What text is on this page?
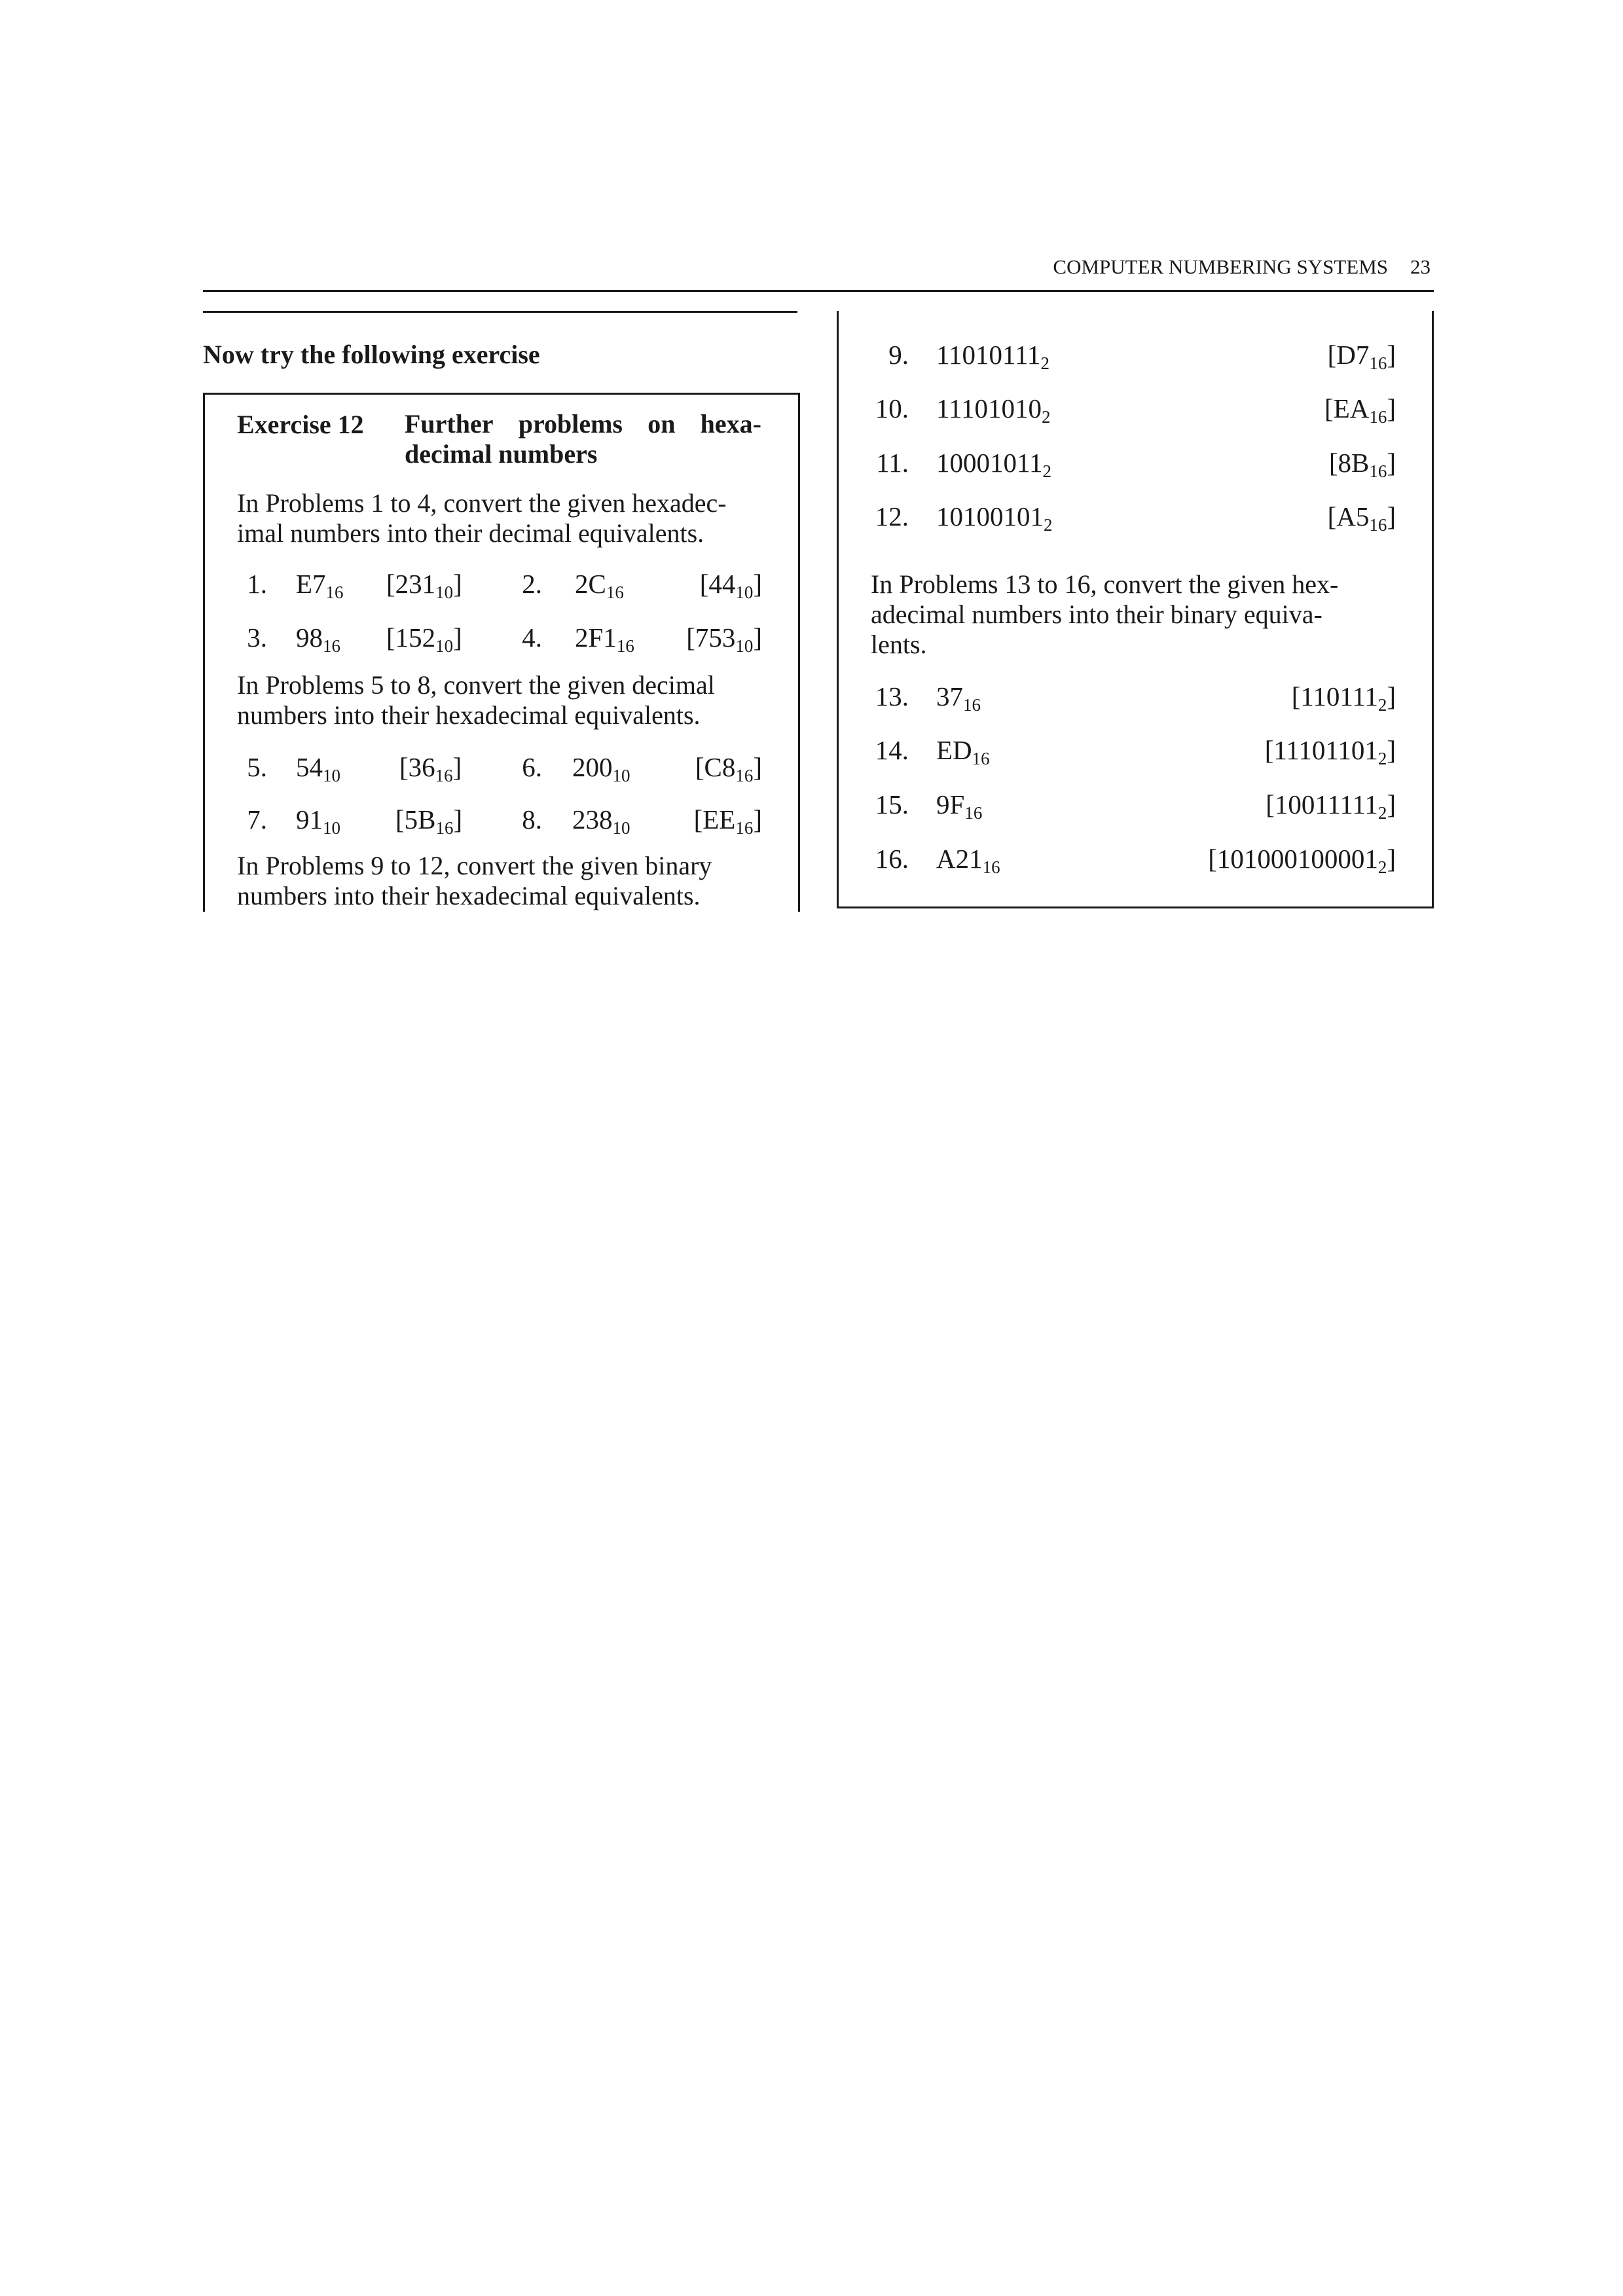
COMPUTER NUMBERING SYSTEMS 23
Now try the following exercise
Exercise 12 Further problems on hexa-
decimal numbers
In Problems 1 to 4, convert the given hexadec-
imal numbers into their decimal equivalents.
1. $E7_{16}$ $[231_{10}]$	2. $2C_{16}$	$[44_{10}]$
3. $98_{16}$ $[152_{10}]$	4. $2F1_{16}$ $[753_{10}]$
In Problems 5 to 8, convert the given decimal
numbers into their hexadecimal equivalents.
5. $54_{10}$ $[36_{16}]$	6. $200_{10}$ $[C8_{16}]$
7. $91_{10}$ $[5B_{16}]$	8. $238_{10}$ $[EE_{16}]$
In Problems 9 to 12, convert the given binary
numbers into their hexadecimal equivalents.
9. $11010111_2$	$[D7_{16}]$
10. $11101010_2$	$[EA_{16}]$
11. $10001011_2$	$[8B_{16}]$
12. $10100101_2$	$[A5_{16}]$
In Problems 13 to 16, convert the given hex-
adecimal numbers into their binary equiva-
lents.
13. $37_{16}$	$[110111_2]$
14. $ED_{16}$	$[11101101_2]$
15. $9F_{16}$	$[10011111_2]$
16. $A21_{16}$	$[101000100001_2]$
